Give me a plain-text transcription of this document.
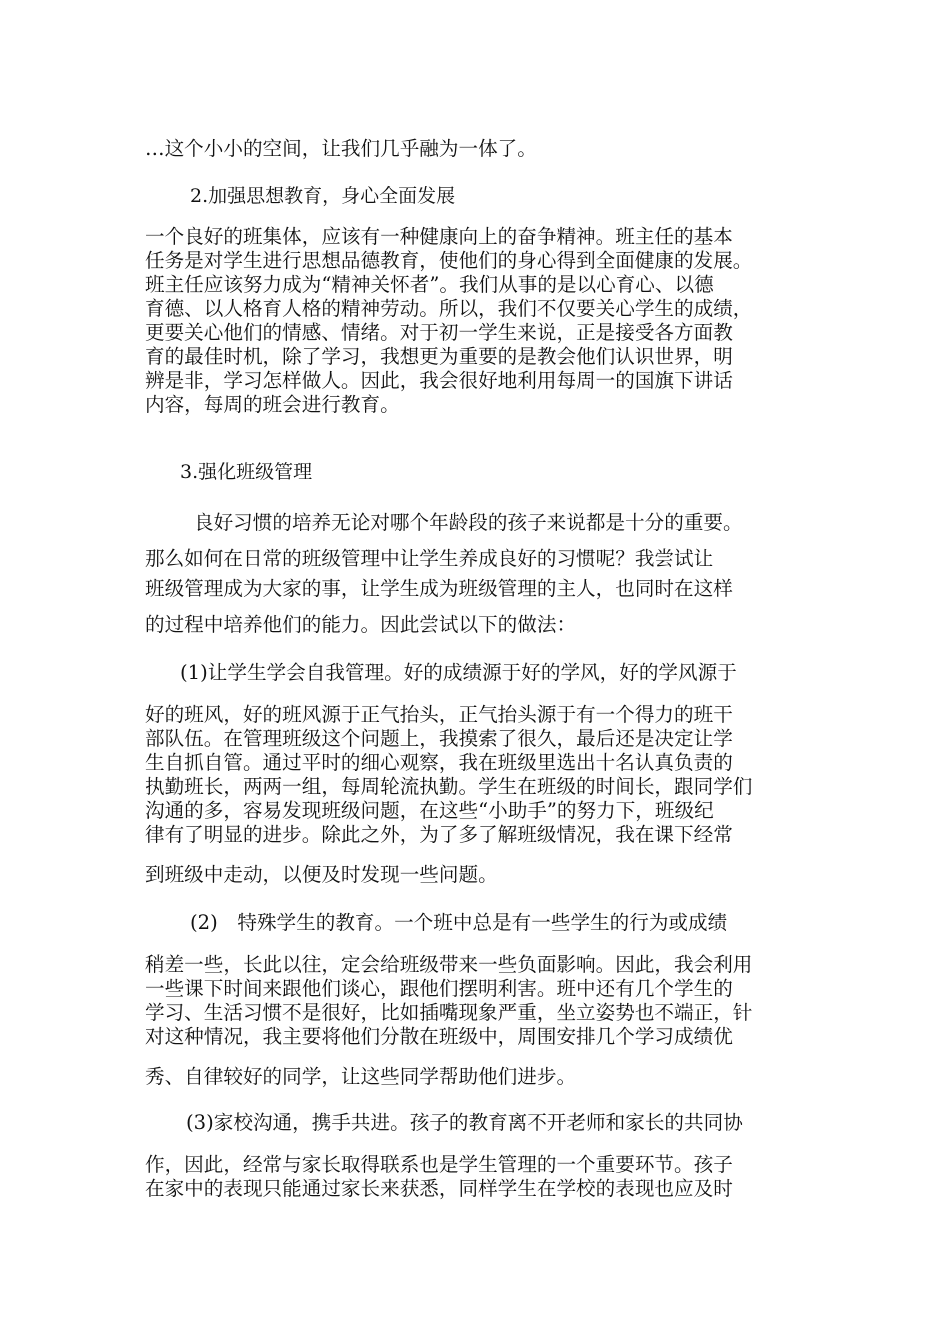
…这个小小的空间，让我们几乎融为一体了。
2.加强思想教育，身心全面发展
一个良好的班集体，应该有一种健康向上的奋争精神。班主任的基本
任务是对学生进行思想品德教育，使他们的身心得到全面健康的发展。
班主任应该努力成为“精神关怀者”。我们从事的是以心育心、以德
育德、以人格育人格的精神劳动。所以，我们不仅要关心学生的成绩，
更要关心他们的情感、情绪。对于初一学生来说，正是接受各方面教
育的最佳时机，除了学习，我想更为重要的是教会他们认识世界，明
辨是非，学习怎样做人。因此，我会很好地利用每周一的国旗下讲话
内容，每周的班会进行教育。
3.强化班级管理
良好习惯的培养无论对哪个年龄段的孩子来说都是十分的重要。
那么如何在日常的班级管理中让学生养成良好的习惯呢？我尝试让
班级管理成为大家的事，让学生成为班级管理的主人，也同时在这样
的过程中培养他们的能力。因此尝试以下的做法：
(1)让学生学会自我管理。好的成绩源于好的学风，好的学风源于
好的班风，好的班风源于正气抬头，正气抬头源于有一个得力的班干
部队伍。在管理班级这个问题上，我摸索了很久，最后还是决定让学
生自抓自管。通过平时的细心观察，我在班级里选出十名认真负责的
执勤班长，两两一组，每周轮流执勤。学生在班级的时间长，跟同学们
沟通的多，容易发现班级问题，在这些“小助手”的努力下，班级纪
律有了明显的进步。除此之外，为了多了解班级情况，我在课下经常
到班级中走动，以便及时发现一些问题。
(2)　特殊学生的教育。一个班中总是有一些学生的行为或成绩
稍差一些，长此以往，定会给班级带来一些负面影响。因此，我会利用
一些课下时间来跟他们谈心，跟他们摆明利害。班中还有几个学生的
学习、生活习惯不是很好，比如插嘴现象严重，坐立姿势也不端正，针
对这种情况，我主要将他们分散在班级中，周围安排几个学习成绩优
秀、自律较好的同学，让这些同学帮助他们进步。
(3)家校沟通，携手共进。孩子的教育离不开老师和家长的共同协
作，因此，经常与家长取得联系也是学生管理的一个重要环节。孩子
在家中的表现只能通过家长来获悉，同样学生在学校的表现也应及时
